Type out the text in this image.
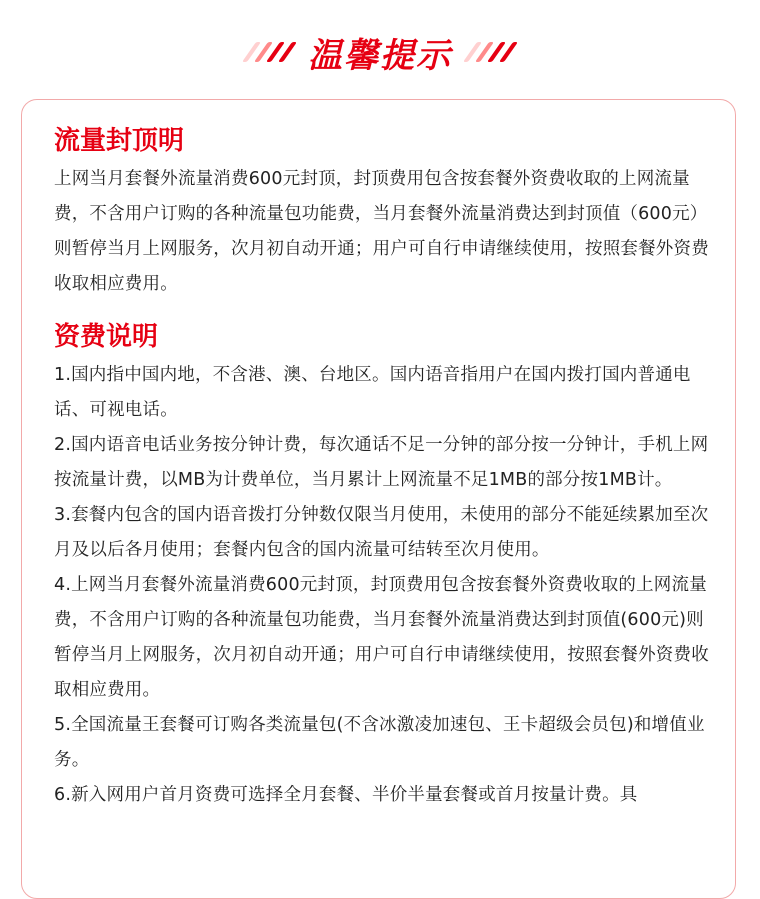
温馨提示
流量封顶明
上网当月套餐外流量消费600元封顶，封顶费用包含按套餐外资费收取的上网流量费，不含用户订购的各种流量包功能费，当月套餐外流量消费达到封顶值（600元）则暂停当月上网服务，次月初自动开通；用户可自行申请继续使用，按照套餐外资费收取相应费用。
资费说明
1.国内指中国内地，不含港、澳、台地区。国内语音指用户在国内拨打国内普通电话、可视电话。
2.国内语音电话业务按分钟计费，每次通话不足一分钟的部分按一分钟计，手机上网按流量计费，以MB为计费单位，当月累计上网流量不足1MB的部分按1MB计。
3.套餐内包含的国内语音拨打分钟数仅限当月使用，未使用的部分不能延续累加至次月及以后各月使用；套餐内包含的国内流量可结转至次月使用。
4.上网当月套餐外流量消费600元封顶，封顶费用包含按套餐外资费收取的上网流量费，不含用户订购的各种流量包功能费，当月套餐外流量消费达到封顶值(600元)则暂停当月上网服务，次月初自动开通；用户可自行申请继续使用，按照套餐外资费收取相应费用。
5.全国流量王套餐可订购各类流量包(不含冰激凌加速包、王卡超级会员包)和增值业务。
6.新入网用户首月资费可选择全月套餐、半价半量套餐或首月按量计费。具
